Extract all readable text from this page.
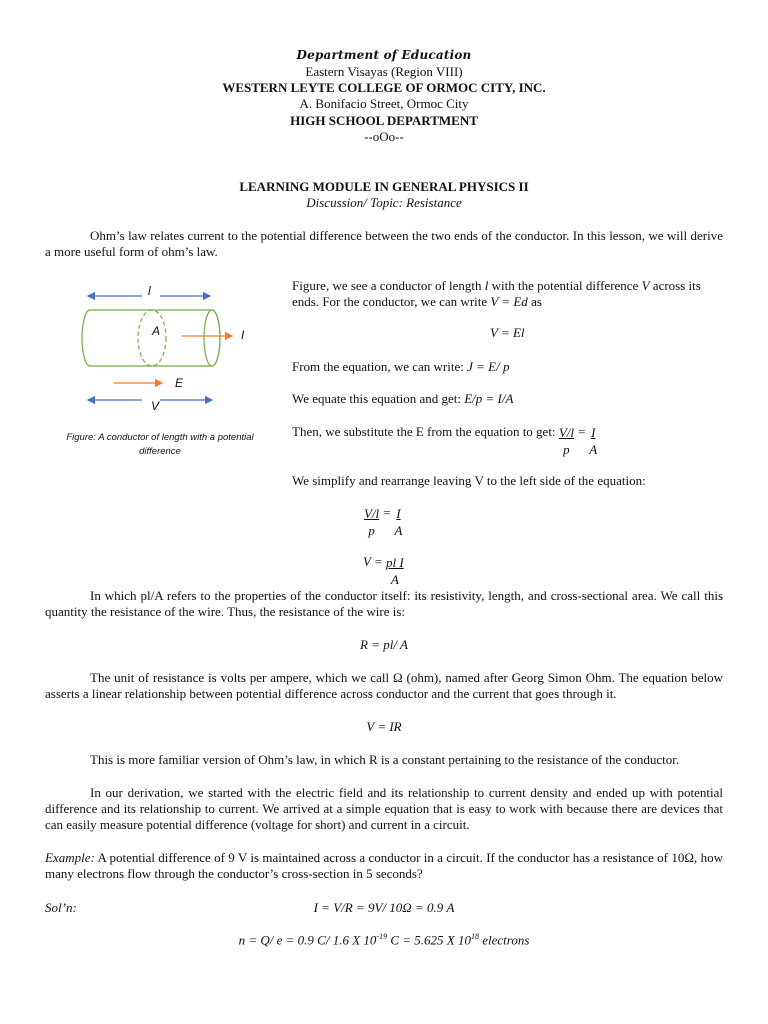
Department of Education
Eastern Visayas (Region VIII)
WESTERN LEYTE COLLEGE OF ORMOC CITY, INC.
A. Bonifacio Street, Ormoc City
HIGH SCHOOL DEPARTMENT
--oOo--
LEARNING MODULE IN GENERAL PHYSICS II
Discussion/ Topic: Resistance
Ohm’s law relates current to the potential difference between the two ends of the conductor. In this lesson, we will derive a more useful form of ohm’s law.
l
A	I
E
V
Figure: A conductor of length with a potential difference
Figure, we see a conductor of length l with the potential difference V across its ends. For the conductor, we can write V = Ed as
V = El
From the equation, we can write: J = E/ p
We equate this equation and get: E/p = I/A
Then, we substitute the E from the equation to get: $\frac{V/l}{p} = \frac{I}{A}$
We simplify and rearrange leaving V to the left side of the equation:
$\frac{V/l}{p} = \frac{I}{A}$
$V = \frac{\text{pl I}}{A}$
In which pl/A refers to the properties of the conductor itself: its resistivity, length, and cross-sectional area. We call this quantity the resistance of the wire. Thus, the resistance of the wire is:
R = pl/ A
The unit of resistance is volts per ampere, which we call Ω (ohm), named after Georg Simon Ohm. The equation below asserts a linear relationship between potential difference across conductor and the current that goes through it.
V = IR
This is more familiar version of Ohm’s law, in which R is a constant pertaining to the resistance of the conductor.
In our derivation, we started with the electric field and its relationship to current density and ended up with potential difference and its relationship to current. We arrived at a simple equation that is easy to work with because there are devices that can easily measure potential difference (voltage for short) and current in a circuit.
Example: A potential difference of 9 V is maintained across a conductor in a circuit. If the conductor has a resistance of 10Ω, how many electrons flow through the conductor’s cross-section in 5 seconds?
Sol’n:	I = V/R = 9V/ 10Ω = 0.9 A
n = Q/ e = 0.9 C/ 1.6 X $10^{-19}$ C = 5.625 X $10^{18}$ electrons
